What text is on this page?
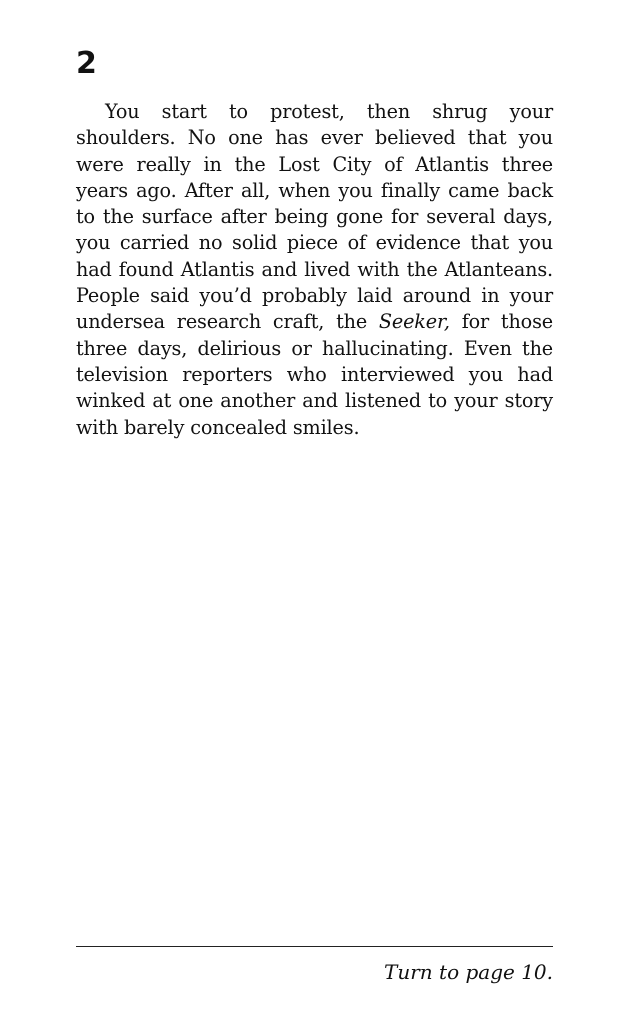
2

You start to protest, then shrug your shoulders. No one has ever believed that you were really in the Lost City of Atlantis three years ago. After all, when you finally came back to the surface after being gone for several days, you carried no solid piece of evidence that you had found Atlantis and lived with the Atlanteans. People said you’d probably laid around in your undersea research craft, the Seeker, for those three days, delirious or hallucinating. Even the television reporters who interviewed you had winked at one another and listened to your story with barely concealed smiles.

Turn to page 10.
